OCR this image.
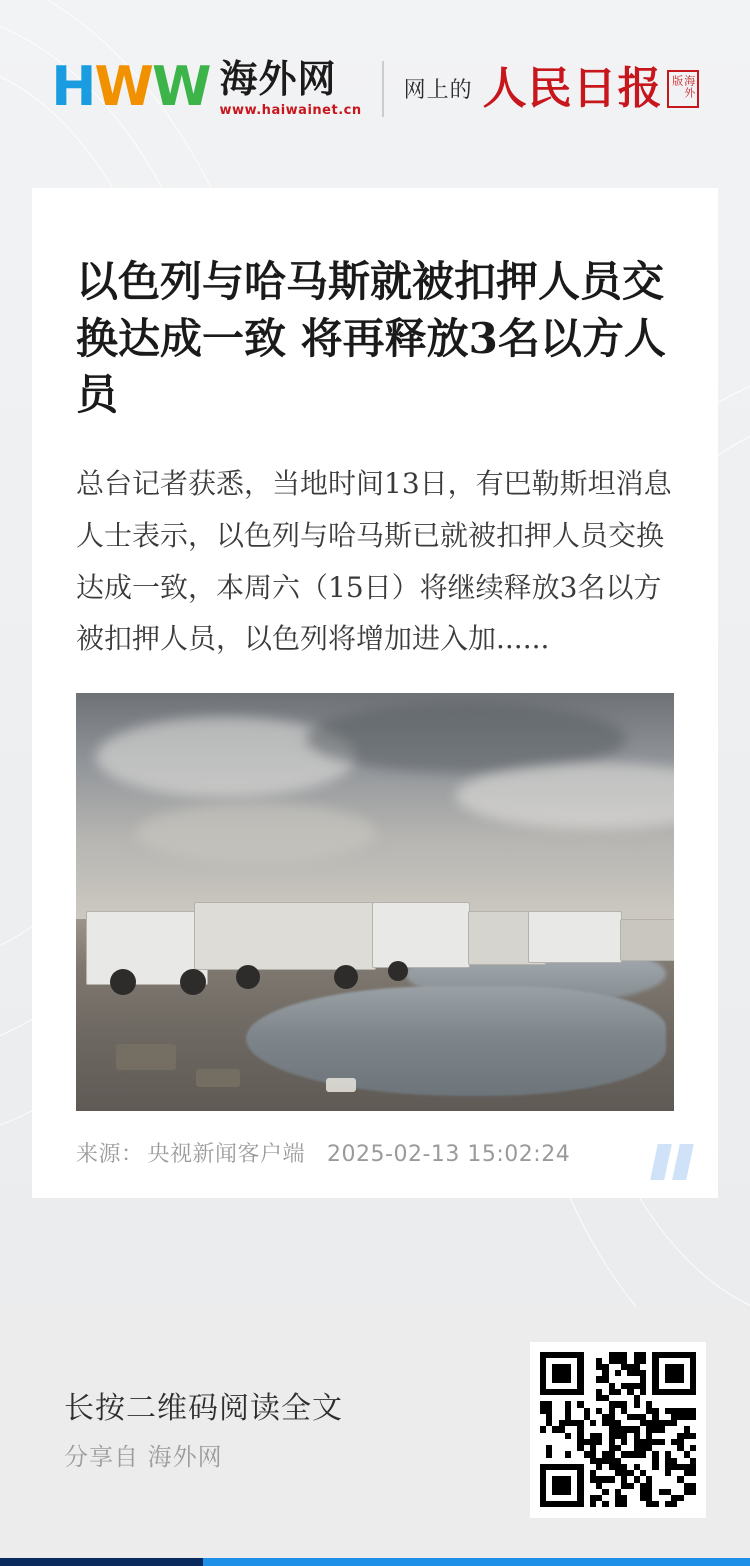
H W W 海外网
www.haiwainet.cn
网上的 人民日报	海外版
以色列与哈马斯就被扣押人员交换达成一致 将再释放3名以方人员

总台记者获悉，当地时间13日，有巴勒斯坦消息人士表示，以色列与哈马斯已就被扣押人员交换达成一致，本周六（15日）将继续释放3名以方被扣押人员，以色列将增加进入加......

来源： 央视新闻客户端 2025-02-13 15:02:24
长按二维码阅读全文
分享自 海外网
